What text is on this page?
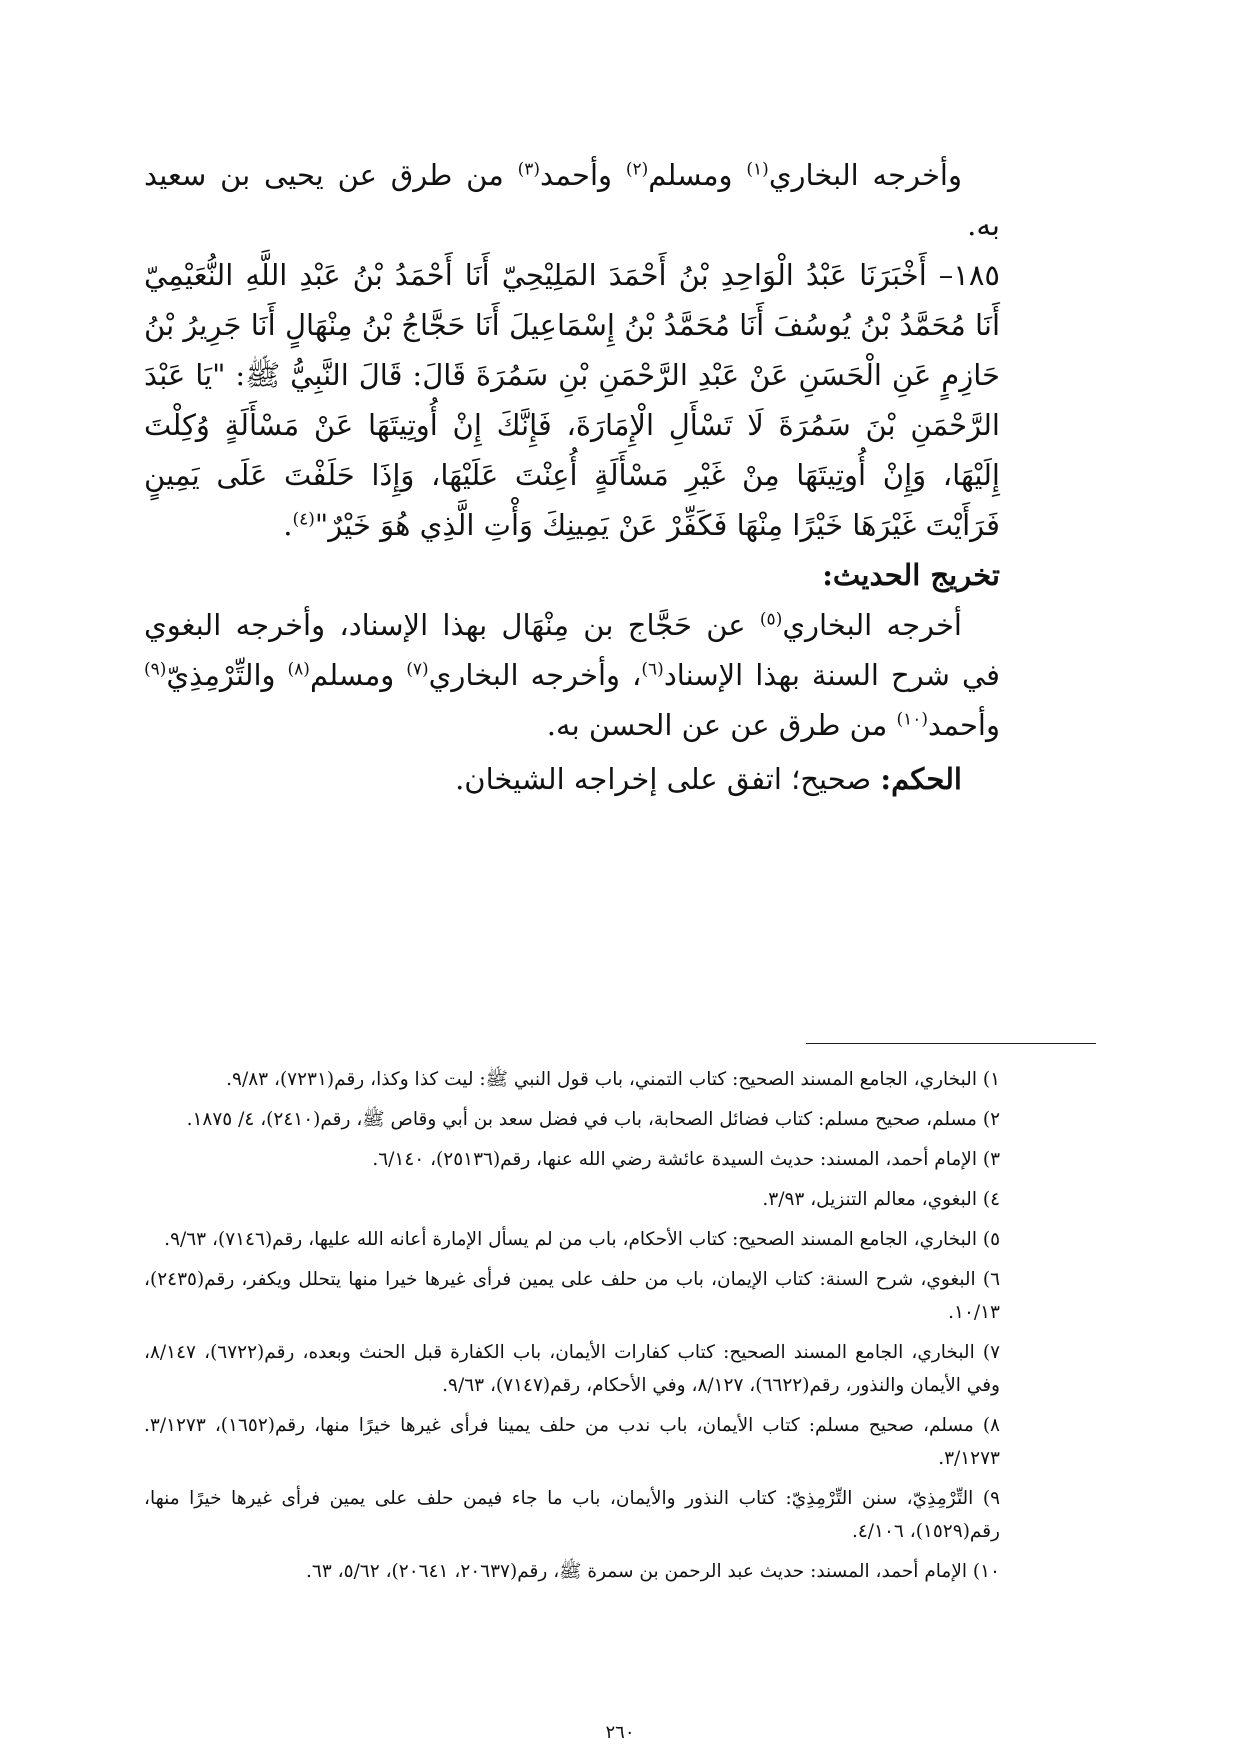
وأخرجه البخاري$^{(١)}$ ومسلم$^{(٢)}$ وأحمد$^{(٣)}$ من طرق عن يحيى بن سعيد به.

١٨٥– أَخْبَرَنَا عَبْدُ الْوَاحِدِ بْنُ أَحْمَدَ المَلِيْحِيّ أَنَا أَحْمَدُ بْنُ عَبْدِ اللَّهِ النُّعَيْمِيّ أَنَا مُحَمَّدُ بْنُ يُوسُفَ أَنَا مُحَمَّدُ بْنُ إِسْمَاعِيلَ أَنَا حَجَّاجُ بْنُ مِنْهَالٍ أَنَا جَرِيرُ بْنُ حَازِمٍ عَنِ الْحَسَنِ عَنْ عَبْدِ الرَّحْمَنِ بْنِ سَمُرَةَ قَالَ: قَالَ النَّبِيُّ ﷺ: "يَا عَبْدَ الرَّحْمَنِ بْنَ سَمُرَةَ لَا تَسْأَلِ الْإِمَارَةَ، فَإِنَّكَ إِنْ أُوتِيتَهَا عَنْ مَسْأَلَةٍ وُكِلْتَ إِلَيْهَا، وَإِنْ أُوتِيتَهَا مِنْ غَيْرِ مَسْأَلَةٍ أُعِنْتَ عَلَيْهَا، وَإِذَا حَلَفْتَ عَلَى يَمِينٍ فَرَأَيْتَ غَيْرَهَا خَيْرًا مِنْهَا فَكَفِّرْ عَنْ يَمِينِكَ وَأْتِ الَّذِي هُوَ خَيْرٌ"$^{(٤)}$.

تخريج الحديث:

أخرجه البخاري$^{(٥)}$ عن حَجَّاج بن مِنْهَال بهذا الإسناد، وأخرجه البغوي في شرح السنة بهذا الإسناد$^{(٦)}$، وأخرجه البخاري$^{(٧)}$ ومسلم$^{(٨)}$ والتِّرْمِذِيّ$^{(٩)}$ وأحمد$^{(١٠)}$ من طرق عن عن الحسن به.

الحكم: صحيح؛ اتفق على إخراجه الشيخان.

١) البخاري، الجامع المسند الصحيح: كتاب التمني، باب قول النبي ﷺ: ليت كذا وكذا، رقم(٧٢٣١)، ٩/٨٣.

٢) مسلم، صحيح مسلم: كتاب فضائل الصحابة، باب في فضل سعد بن أبي وقاص ﷺ، رقم(٢٤١٠)، ٤/ ١٨٧٥.

٣) الإمام أحمد، المسند: حديث السيدة عائشة رضي الله عنها، رقم(٢٥١٣٦)، ٦/١٤٠.

٤) البغوي، معالم التنزيل، ٣/٩٣.

٥) البخاري، الجامع المسند الصحيح: كتاب الأحكام، باب من لم يسأل الإمارة أعانه الله عليها، رقم(٧١٤٦)، ٩/٦٣.

٦) البغوي، شرح السنة: كتاب الإيمان، باب من حلف على يمين فرأى غيرها خيرا منها يتحلل ويكفر، رقم(٢٤٣٥)، ١٠/١٣.

٧) البخاري، الجامع المسند الصحيح: كتاب كفارات الأيمان، باب الكفارة قبل الحنث وبعده، رقم(٦٧٢٢)، ٨/١٤٧، وفي الأيمان والنذور، رقم(٦٦٢٢)، ٨/١٢٧، وفي الأحكام، رقم(٧١٤٧)، ٩/٦٣.

٨) مسلم، صحيح مسلم: كتاب الأيمان، باب ندب من حلف يمينا فرأى غيرها خيرًا منها، رقم(١٦٥٢)، ٣/١٢٧٣. ٣/١٢٧٣.

٩) التِّرْمِذِيّ، سنن التِّرْمِذِيّ: كتاب النذور والأيمان، باب ما جاء فيمن حلف على يمين فرأى غيرها خيرًا منها، رقم(١٥٢٩)، ٤/١٠٦.

١٠) الإمام أحمد، المسند: حديث عبد الرحمن بن سمرة ﷺ، رقم(٢٠٦٣٧، ٢٠٦٤١)، ٥/٦٢، ٦٣.

٢٦٠
